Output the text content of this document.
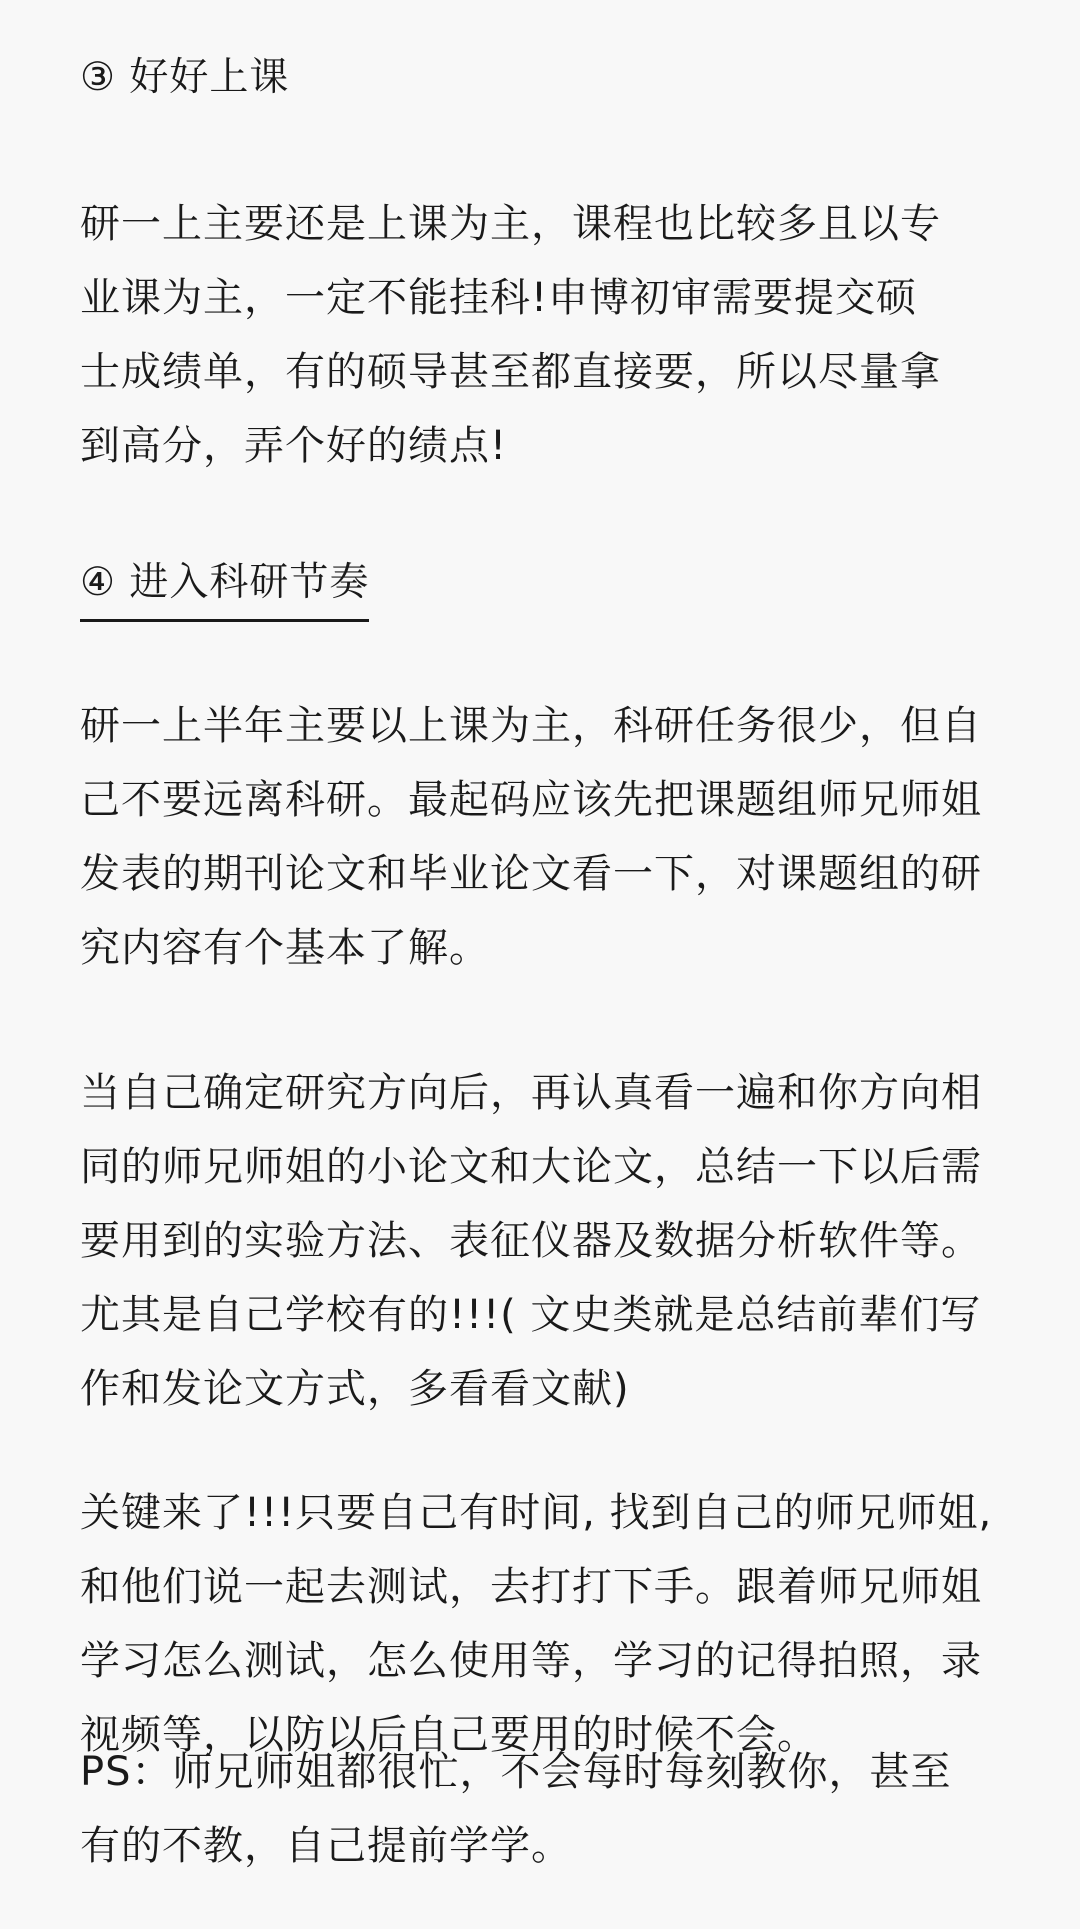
③ 好好上课
研一上主要还是上课为主，课程也比较多且以专
业课为主，一定不能挂科!申博初审需要提交硕
士成绩单，有的硕导甚至都直接要，所以尽量拿
到高分，弄个好的绩点!
④ 进入科研节奏
研一上半年主要以上课为主，科研任务很少，但自
己不要远离科研。最起码应该先把课题组师兄师姐
发表的期刊论文和毕业论文看一下，对课题组的研
究内容有个基本了解。
当自己确定研究方向后，再认真看一遍和你方向相
同的师兄师姐的小论文和大论文，总结一下以后需
要用到的实验方法、表征仪器及数据分析软件等。
尤其是自己学校有的!!!( 文史类就是总结前辈们写
作和发论文方式，多看看文献)
关键来了!!!只要自己有时间, 找到自己的师兄师姐,
和他们说一起去测试，去打打下手。跟着师兄师姐
学习怎么测试，怎么使用等，学习的记得拍照，录
视频等，以防以后自己要用的时候不会。
PS：师兄师姐都很忙，不会每时每刻教你，甚至
有的不教，自己提前学学。
